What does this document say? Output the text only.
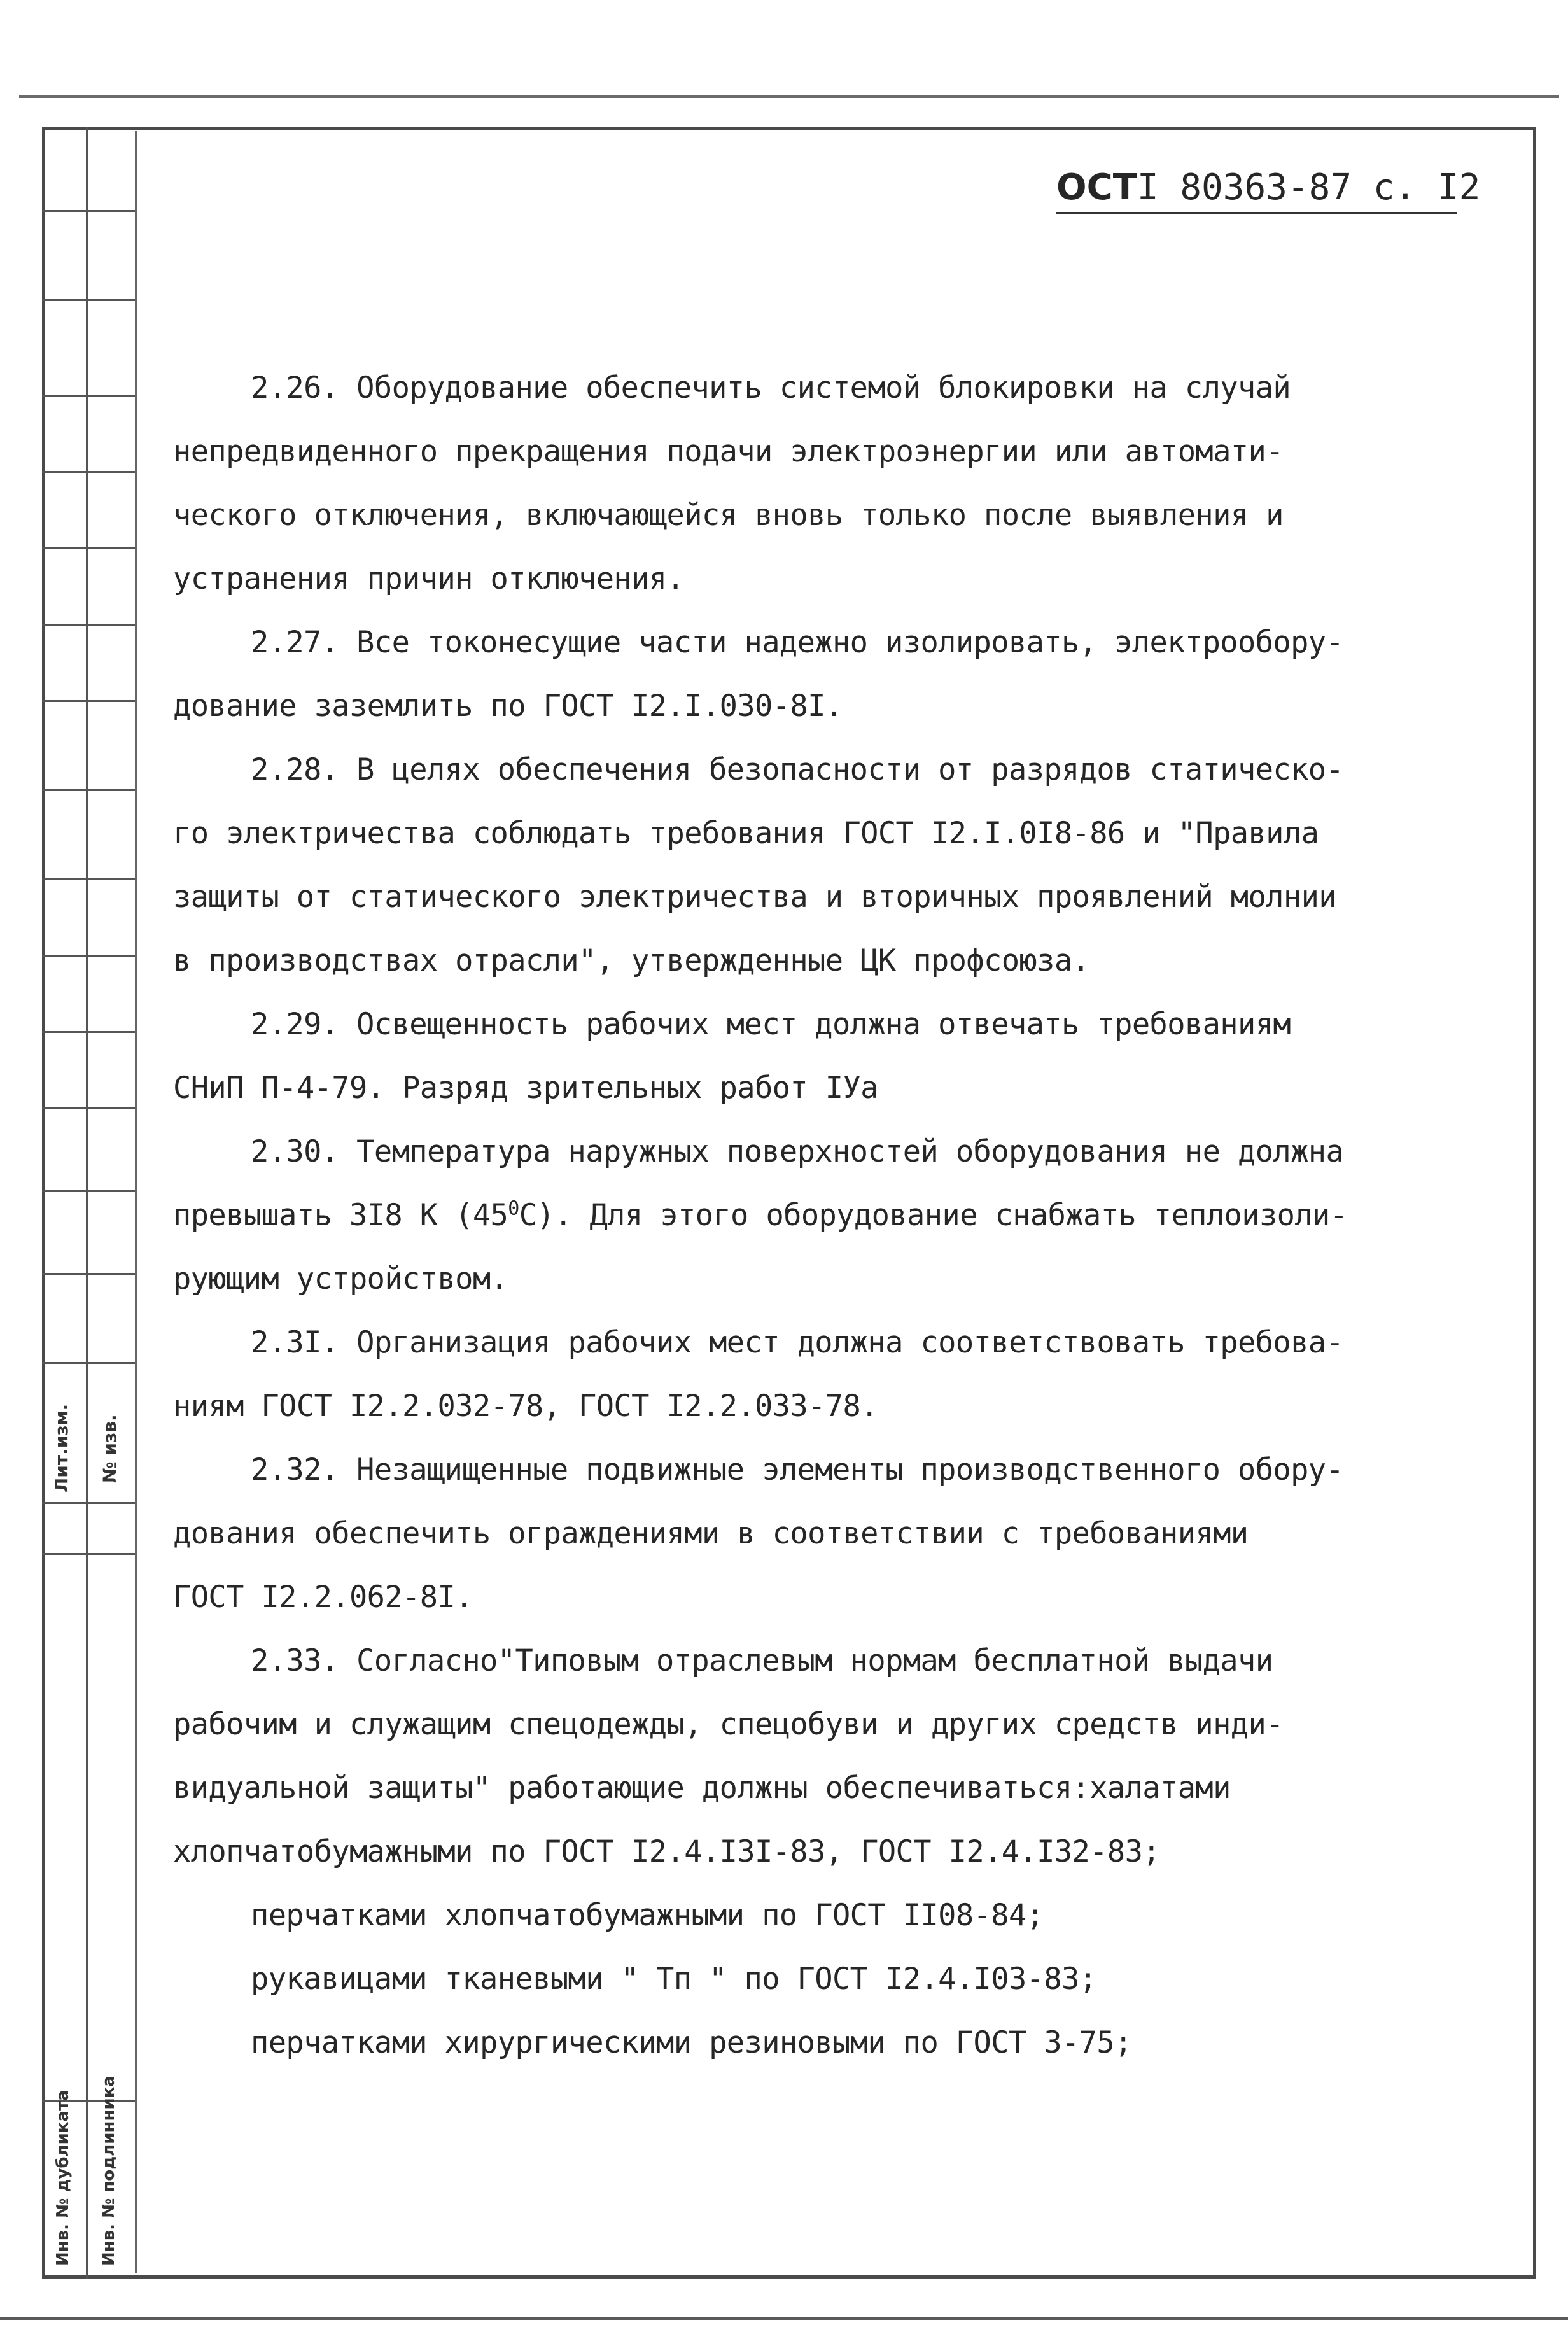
Лит.изм. № изв.
Инв. № дубликата Инв. № подлинника
ОСТI 80363-87 с. I2
2.26. Оборудование обеспечить системой блокировки на случай
непредвиденного прекращения подачи электроэнергии или автомати-
ческого отключения, включающейся вновь только после выявления и
устранения причин отключения.
2.27. Все токонесущие части надежно изолировать, электрообору-
дование заземлить по ГОСТ I2.I.030-8I.
2.28. В целях обеспечения безопасности от разрядов статическо-
го электричества соблюдать требования ГОСТ I2.I.0I8-86 и "Правила
защиты от статического электричества и вторичных проявлений молнии
в производствах отрасли", утвержденные ЦК профсоюза.
2.29. Освещенность рабочих мест должна отвечать требованиям
СНиП П-4-79. Разряд зрительных работ IУа
2.30. Температура наружных поверхностей оборудования не должна
превышать 3I8 К $(45^0С)$. Для этого оборудование снабжать теплоизоли-
рующим устройством.
2.3I. Организация рабочих мест должна соответствовать требова-
ниям ГОСТ I2.2.032-78, ГОСТ I2.2.033-78.
2.32. Незащищенные подвижные элементы производственного обору-
дования обеспечить ограждениями в соответствии с требованиями
ГОСТ I2.2.062-8I.
2.33. Согласно"Типовым отраслевым нормам бесплатной выдачи
рабочим и служащим спецодежды, спецобуви и других средств инди-
видуальной защиты" работающие должны обеспечиваться:халатами
хлопчатобумажными по ГОСТ I2.4.I3I-83, ГОСТ I2.4.I32-83;
перчатками хлопчатобумажными по ГОСТ II08-84;
рукавицами тканевыми " Тп " по ГОСТ I2.4.I03-83;
перчатками хирургическими резиновыми по ГОСТ 3-75;
